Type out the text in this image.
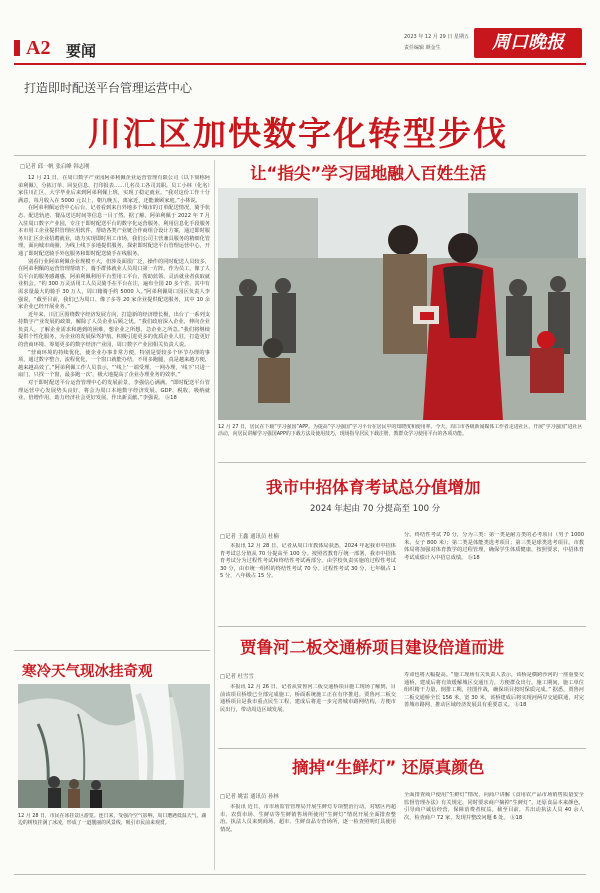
A2 要闻
2023 年 12 月 29 日 星期五
责任编辑 颜金生	周口晚报
打造即时配送平台管理运营中心
川汇区加快数字化转型步伐
□记者 邱一帆 张启峰 韩志刚

12 月 21 日，在周口数字产业园阿弟利佩企业运营管理有限公司（以下简称阿弟利佩），分拣订单、回复信息、打印报表……几名员工各司其职。员工小林（化名）家住川汇区，大学毕业后来到阿弟利佩上班，实现了稳定就业。“我对这份工作十分满意，每月收入在 5000 元以上，朝九晚五，离家近，还能兼顾家庭。”小林说。

在阿弟利佩运营中心后台，记者看到来自外地多个城市的订单配送情况，骑手状态、配送轨迹、餐品送达时间等信息一目了然。据了解，阿弟利佩于 2022 年 7 月入驻周口数字产业园，专注于即时配送平台的数字化运营服务，利用信息化手段服务本市用工企业提供管理应用软件，帮助各类产业链合作商组合设计方案，通过即时服务川汇区企业招聘就业，助力实现即时用工市场，我们公司主营兼具服务的精细化管理，面向城市商圈，为线上线下多地提供服务，探索即时配送平台管理运营中心，开通了即时配送骑手外包服务和即时配送骑手在线服务。

别看行业阿弟利佩企业规模不大，但涉及面很广泛，操作的同时配送人员较多，在阿弟利佩的运营管理帮助下，骑手群体就业人员周口第一方阵。作为员工，像了人员平台的服务感谢感，阿弟利佩利用平台型用工平台，帮助蓝领、灵活就业者获取就业机会。“约 300 万灵活用工人员灵骑手在平台在注，遍布全国 20 多个省，其中有需求量最大的骑手 30 万人，周口籍骑手约 5000 人。”阿弟利佩周口园区负责人李强说，“截至目前，我们已为周口、像了多等 20 家企业提供配送服务，其中 10 余家企业已经开展业务。”

近年来，川汇区围绕数字经济发展方向，打造新的经济增长极，出台了一系列支持数字产业发展的政策，解除了人员企业后顾之忧。“我们政府深入企业，伸向企业负责人，了解企业需求和遇到的困难，想企业之所想，急企业之所急。”我们将继续提供个性化服务，为企业的发展保驾护航，积极引进更多的优质企业人驻，打造更好的营商环境、筹划更多的数字经济产业园，周口数字产业园相关负责人说。

“营商环境的持续优化，使企业办事非常方便，特别是要较多个环节办理的事项，通过数字整合，流程优化，一个窗口就能办结，不用多跑腿，真是越来越方便，越来越高效了。”阿弟利佩工作人员表示，“‘线上’一端受理，一网办理，‘线下’只进一扇门，只找一个窗，最多跑一次’，极大地提高了企业办理业务的效率。”

对于即时配送平台运营管理中心的发展前景，李强信心满满。“即时配送平台管理运营中心发展势头良好，将会为周口本地数字经济发展、GDP、税收、吸纳就业，倍增作用，助力经济社会更好发展，作出新贡献。”李强说。 ⓑ18

寒冷天气现冰挂奇观
12 月 28 日，市民在冰挂景区游览。连日来，受强冷空气影响，周口遭遇低温天气，湖边的树枝挂满了冰凌，形成了一道靓丽的风景线，吸引市民前来观赏。
让“指尖”学习园地融入百姓生活
12 月 27 日，居民在下载“学习强国”APP。为提高“学习强国”学习平台在居民中的知晓度和使用率，今天，周口市各级新闻媒体工作者走进社区，开展“学习强国”进社区活动，向居民讲解学习强国APP的下载方法及使用技巧，现场指导居民下载注册，教群众学习使用平台的各项功能。
我市中招体育考试总分值增加
2024 年起由 70 分提高至 100 分
□记者 王鑫 通讯员 杜楠
本报讯 12 月 28 日，记者从周口市教体局获悉，2024 年起我市中招体育考试总分值从 70 分提高至 100 分。按照省教育厅统一部署，我市中招体育考试分为过程性考试和终结性考试两部分。由学校负责实施的过程性考试 30 分，由市统一组织的终结性考试 70 分。过程性考试 30 分，七年级占 15 分，八年级占 15 分。
分。终结性考试 70 分，分为三类：第一类是耐力类的必考项目（男子 1000 米、女子 800 米）；第二类是体能类选考项目；第三类是球类选考项目。市教体局将加强对体育教学的过程管理，确保学生体质健康。按照要求，中招体育考试成绩计入中招总成绩。 ⓑ18
贾鲁河二板交通桥项目建设倍道而进
□记者 杜雪雪
本报讯 12 月 26 日，记者从贾鲁河二板交通桥项目施工现场了解到，目前该项目桥墩已全部完成施工，桥面系统施工正在有序推进。贾鲁河二板交通桥项目是我市重点民生工程，建成后将进一步完善城市路网结构，方便市民出行，带动周边区域发展。
寿命也将大幅提高。“施工现场有关负责人表示，该桥是横跨沙河的一座重要交通桥，建成后将有效缓解城区交通压力，方便群众出行。施工期间，施工单位组织精干力量，倒排工期，挂图作战，确保项目按时保质完成。” 据悉，贾鲁河二板交通桥全长 156 米，宽 30 米，该桥建成后将实现河两岸交通联通，对完善城市路网、推动区域经济发展具有重要意义。 ⓑ18
摘掉“生鲜灯” 还原真颜色
□记者 姚雷 通讯员 孙林
本报讯 近日，市市场监管管理局开展生鲜灯专项整治行动，对辖区内超市、农贸市场、生鲜店等生鲜销售场所使用“生鲜灯”情况开展全面排查整治。执法人员来到商场、超市、生鲜食品专营场所，逐一检查照明灯具使用情况。
全面排查商户使用“生鲜灯”情况，向商户讲解《食用农产品市场销售质量安全监督管理办法》有关规定，同时要求商户摘掉“生鲜灯”，还原食品本来颜色，引导商户诚信经营，保障消费者权益。截至目前，共出动执法人员 40 余人次，检查商户 72 家，发现并整改问题 6 处。 ⓑ18
